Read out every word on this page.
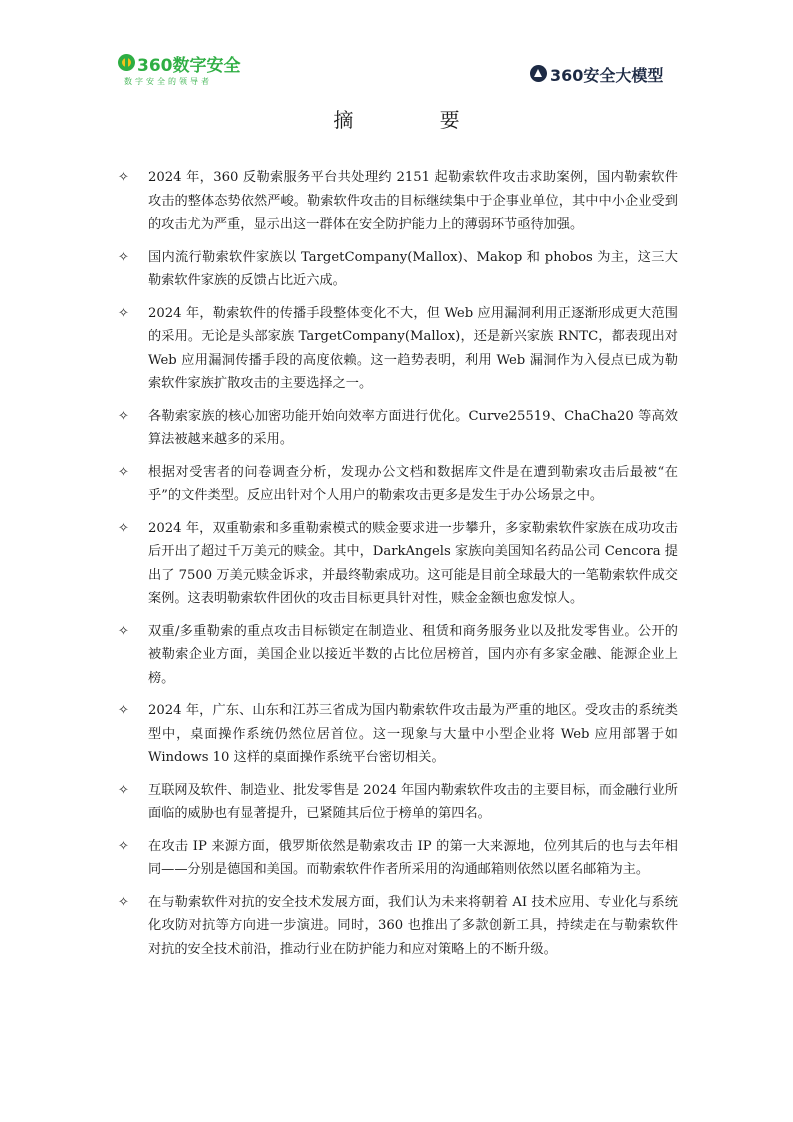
360数字安全
数字安全的领导者	360安全大模型
摘 要
✧	2024 年，360 反勒索服务平台共处理约 2151 起勒索软件攻击求助案例，国内勒索软件攻击的整体态势依然严峻。勒索软件攻击的目标继续集中于企事业单位，其中中小企业受到的攻击尤为严重，显示出这一群体在安全防护能力上的薄弱环节亟待加强。
✧	国内流行勒索软件家族以 TargetCompany(Mallox)、Makop 和 phobos 为主，这三大勒索软件家族的反馈占比近六成。
✧	2024 年，勒索软件的传播手段整体变化不大，但 Web 应用漏洞利用正逐渐形成更大范围的采用。无论是头部家族 TargetCompany(Mallox)，还是新兴家族 RNTC，都表现出对 Web 应用漏洞传播手段的高度依赖。这一趋势表明，利用 Web 漏洞作为入侵点已成为勒索软件家族扩散攻击的主要选择之一。
✧	各勒索家族的核心加密功能开始向效率方面进行优化。Curve25519、ChaCha20 等高效算法被越来越多的采用。
✧	根据对受害者的问卷调查分析，发现办公文档和数据库文件是在遭到勒索攻击后最被“在乎”的文件类型。反应出针对个人用户的勒索攻击更多是发生于办公场景之中。
✧	2024 年，双重勒索和多重勒索模式的赎金要求进一步攀升，多家勒索软件家族在成功攻击后开出了超过千万美元的赎金。其中，DarkAngels 家族向美国知名药品公司 Cencora 提出了 7500 万美元赎金诉求，并最终勒索成功。这可能是目前全球最大的一笔勒索软件成交案例。这表明勒索软件团伙的攻击目标更具针对性，赎金金额也愈发惊人。
✧	双重/多重勒索的重点攻击目标锁定在制造业、租赁和商务服务业以及批发零售业。公开的被勒索企业方面，美国企业以接近半数的占比位居榜首，国内亦有多家金融、能源企业上榜。
✧	2024 年，广东、山东和江苏三省成为国内勒索软件攻击最为严重的地区。受攻击的系统类型中，桌面操作系统仍然位居首位。这一现象与大量中小型企业将 Web 应用部署于如 Windows 10 这样的桌面操作系统平台密切相关。
✧	互联网及软件、制造业、批发零售是 2024 年国内勒索软件攻击的主要目标，而金融行业所面临的威胁也有显著提升，已紧随其后位于榜单的第四名。
✧	在攻击 IP 来源方面，俄罗斯依然是勒索攻击 IP 的第一大来源地，位列其后的也与去年相同——分别是德国和美国。而勒索软件作者所采用的沟通邮箱则依然以匿名邮箱为主。
✧	在与勒索软件对抗的安全技术发展方面，我们认为未来将朝着 AI 技术应用、专业化与系统化攻防对抗等方向进一步演进。同时，360 也推出了多款创新工具，持续走在与勒索软件对抗的安全技术前沿，推动行业在防护能力和应对策略上的不断升级。
